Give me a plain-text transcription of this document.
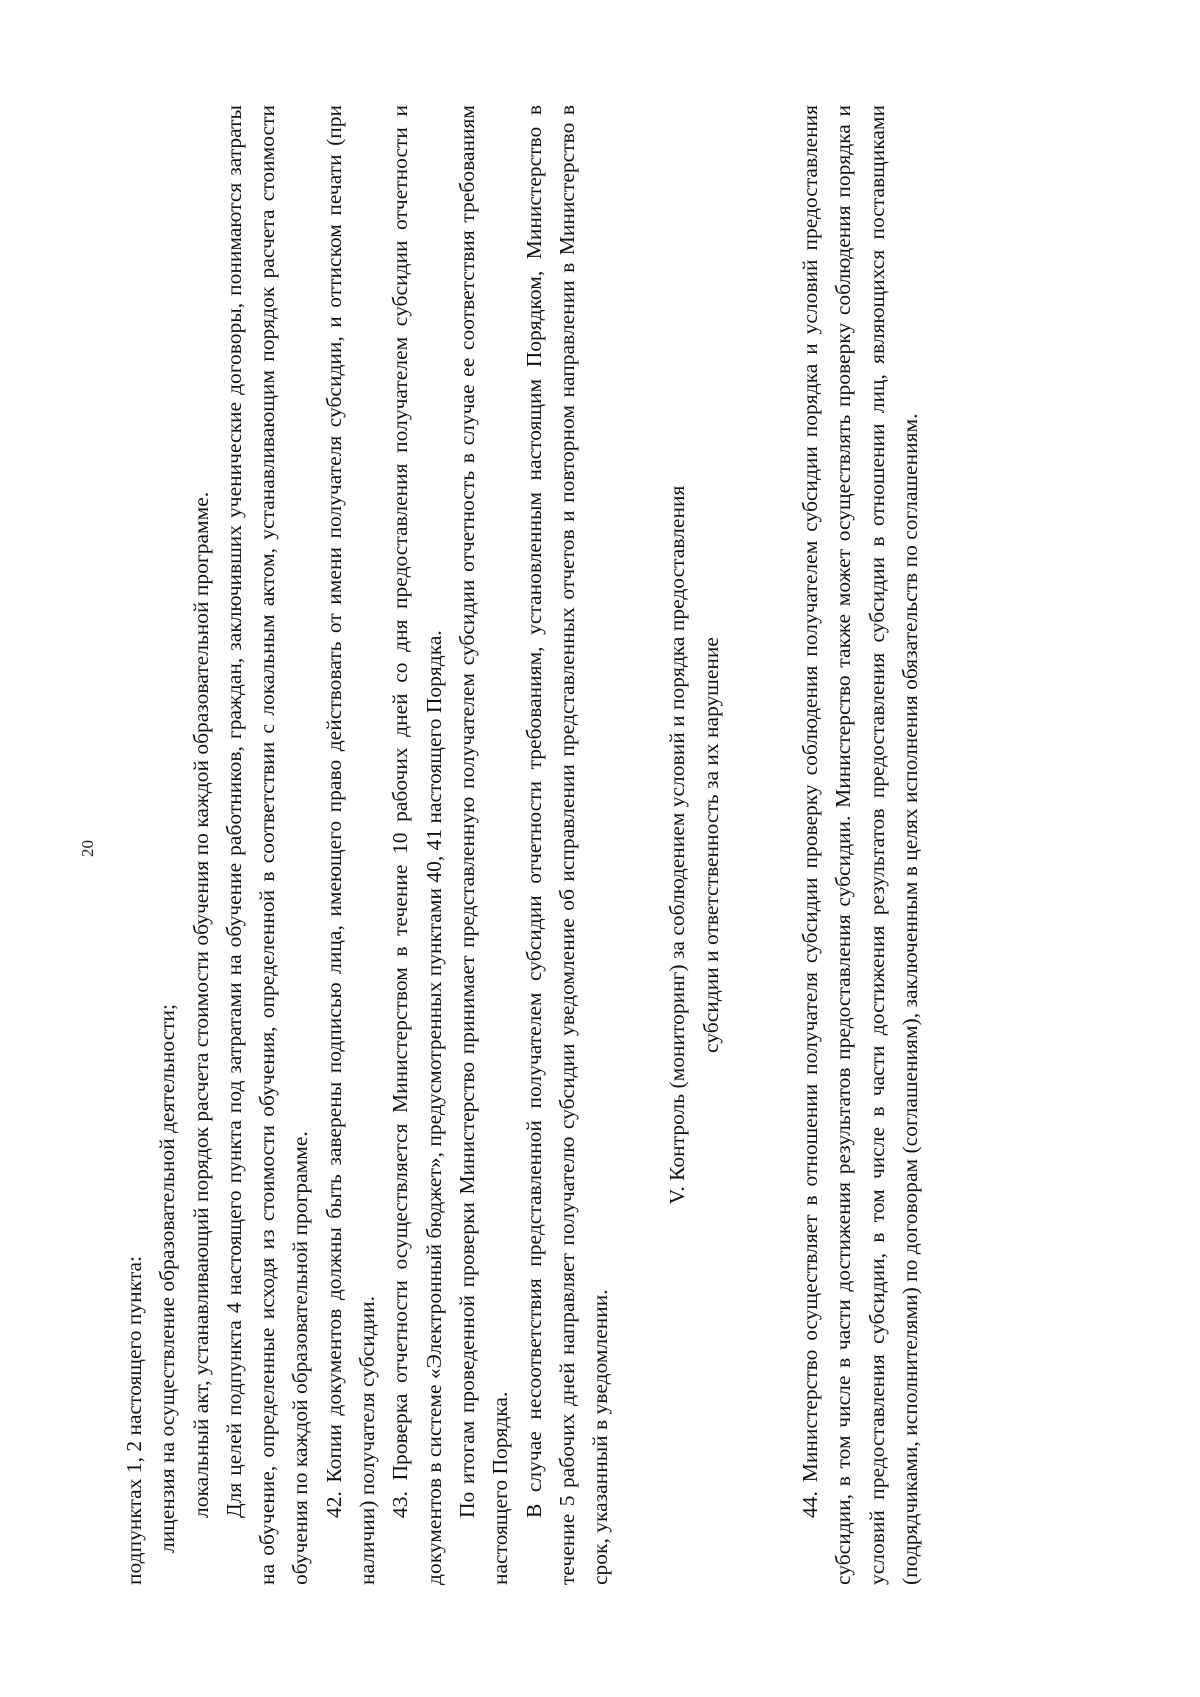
20

подпунктах 1, 2 настоящего пункта: лицензия на осуществление образовательной деятельности; локальный акт, устанавливающий порядок расчета стоимости обучения по каждой образовательной программе. Для целей подпункта 4 настоящего пункта под затратами на обучение работников, граждан, заключивших ученические договоры, понимаются затраты на обучение, определенные исходя из стоимости обучения, определенной в соответствии с локальным актом, устанавливающим порядок расчета стоимости обучения по каждой образовательной программе. 42. Копии документов должны быть заверены подписью лица, имеющего право действовать от имени получателя субсидии, и оттиском печати (при наличии) получателя субсидии. 43. Проверка отчетности осуществляется Министерством в течение 10 рабочих дней со дня предоставления получателем субсидии отчетности и документов в системе «Электронный бюджет», предусмотренных пунктами 40, 41 настоящего Порядка. По итогам проведенной проверки Министерство принимает представленную получателем субсидии отчетность в случае ее соответствия требованиям настоящего Порядка. В случае несоответствия представленной получателем субсидии отчетности требованиям, установленным настоящим Порядком, Министерство в течение 5 рабочих дней направляет получателю субсидии уведомление об исправлении представленных отчетов и повторном направлении в Министерство в срок, указанный в уведомлении.

V. Контроль (мониторинг) за соблюдением условий и порядка предоставления субсидии и ответственность за их нарушение	44. Министерство осуществляет в отношении получателя субсидии проверку соблюдения получателем субсидии порядка и условий предоставления субсидии, в том числе в части достижения результатов предоставления субсидии. Министерство также может осуществлять проверку соблюдения порядка и условий предоставления субсидии, в том числе в части достижения результатов предоставления субсидии в отношении лиц, являющихся поставщиками (подрядчиками, исполнителями) по договорам (соглашениям), заключенным в целях исполнения обязательств по соглашениям.
